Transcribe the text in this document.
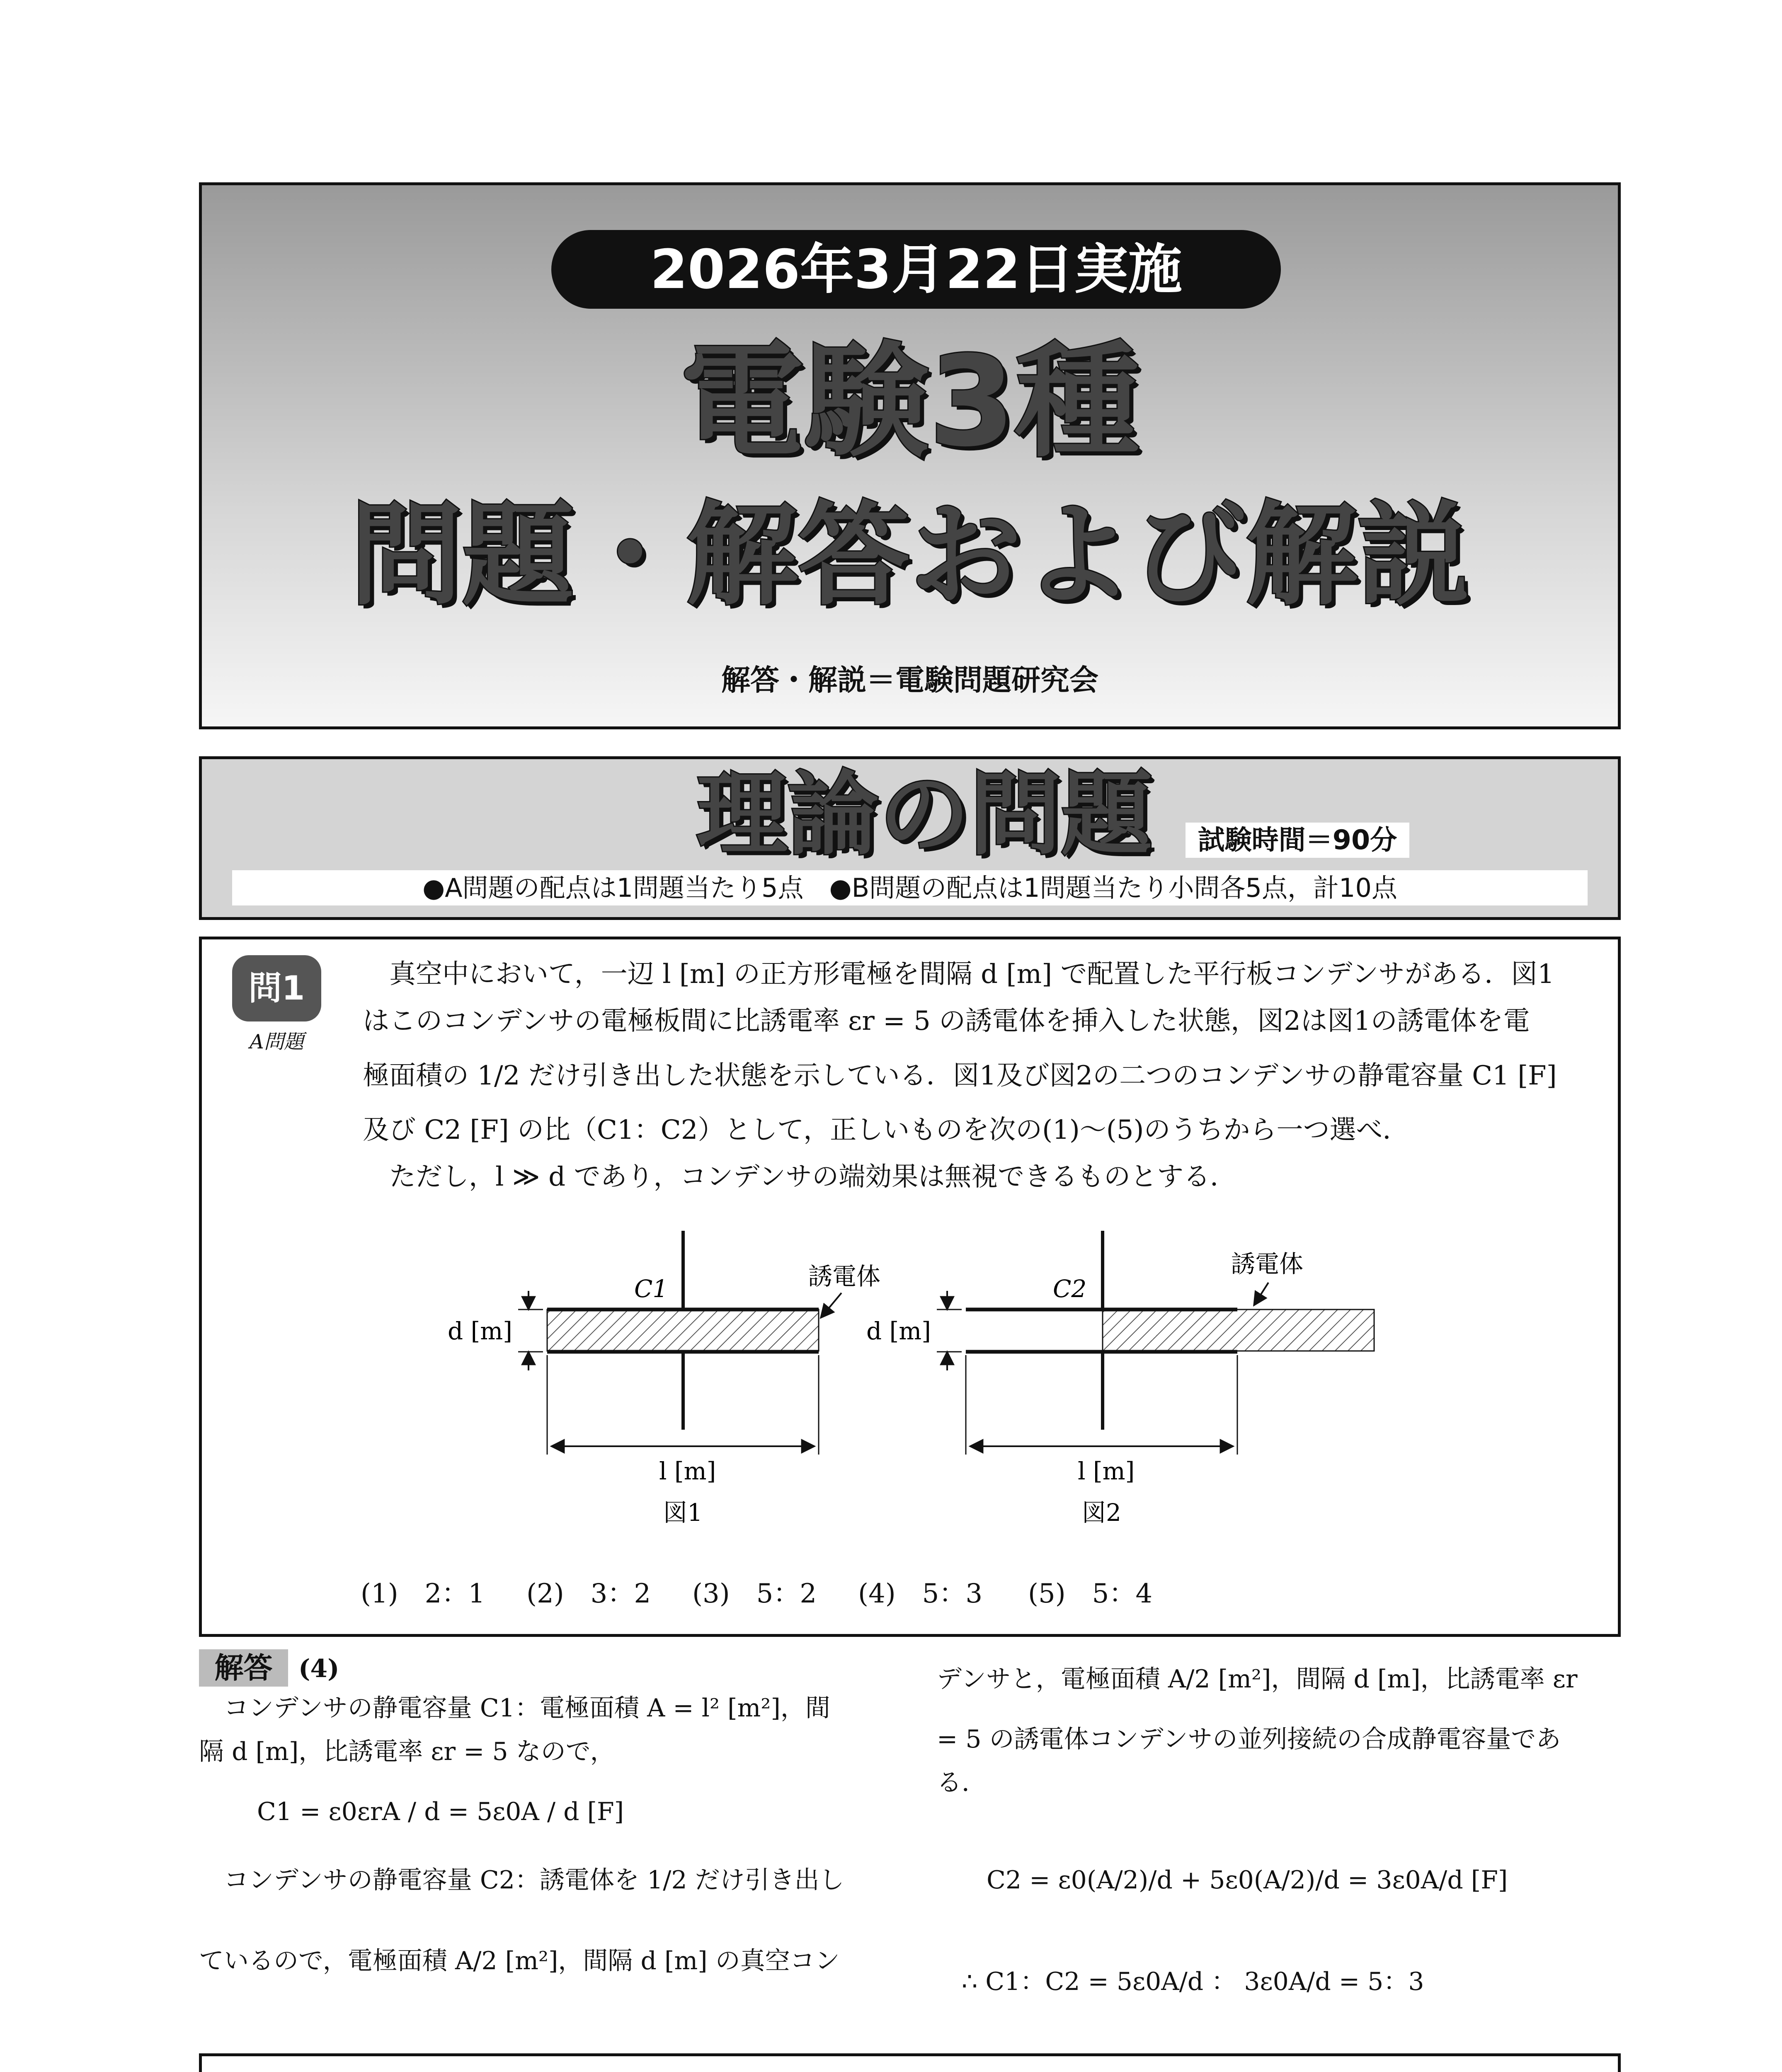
2026年3月22日実施
電験3種
問題・解答および解説
解答・解説＝電験問題研究会
理論の問題	試験時間＝90分
●A問題の配点は1問題当たり5点　●B問題の配点は1問題当たり小問各5点，計10点
問1
A問題

　真空中において，一辺 l [m] の正方形電極を間隔 d [m] で配置した平行板コンデンサがある．図1

はこのコンデンサの電極板間に比誘電率 εr = 5 の誘電体を挿入した状態，図2は図1の誘電体を電

極面積の 1/2 だけ引き出した状態を示している．図1及び図2の二つのコンデンサの静電容量 C1 [F]

及び C2 [F] の比（C1：C2）として，正しいものを次の(1)〜(5)のうちから一つ選べ．

　ただし，l ≫ d であり，コンデンサの端効果は無視できるものとする．

C1	誘電体
d [m]
l [m]
図1
C2
誘電体
d [m]
l [m]
図2
(1)　2：1 (2)　3：2 (3)　5：2 (4)　5：3 (5)　5：4
解答	(4)
　コンデンサの静電容量 C1：電極面積 A = l² [m²]，間
隔 d [m]，比誘電率 εr = 5 なので，
C1 = ε0εrA / d = 5ε0A / d [F]
　コンデンサの静電容量 C2：誘電体を 1/2 だけ引き出し
ているので，電極面積 A/2 [m²]，間隔 d [m] の真空コン
デンサと，電極面積 A/2 [m²]，間隔 d [m]，比誘電率 εr
= 5 の誘電体コンデンサの並列接続の合成静電容量であ
る．
C2 = ε0(A/2)/d + 5ε0(A/2)/d = 3ε0A/d [F]
∴ C1：C2 = 5ε0A/d ： 3ε0A/d = 5：3
